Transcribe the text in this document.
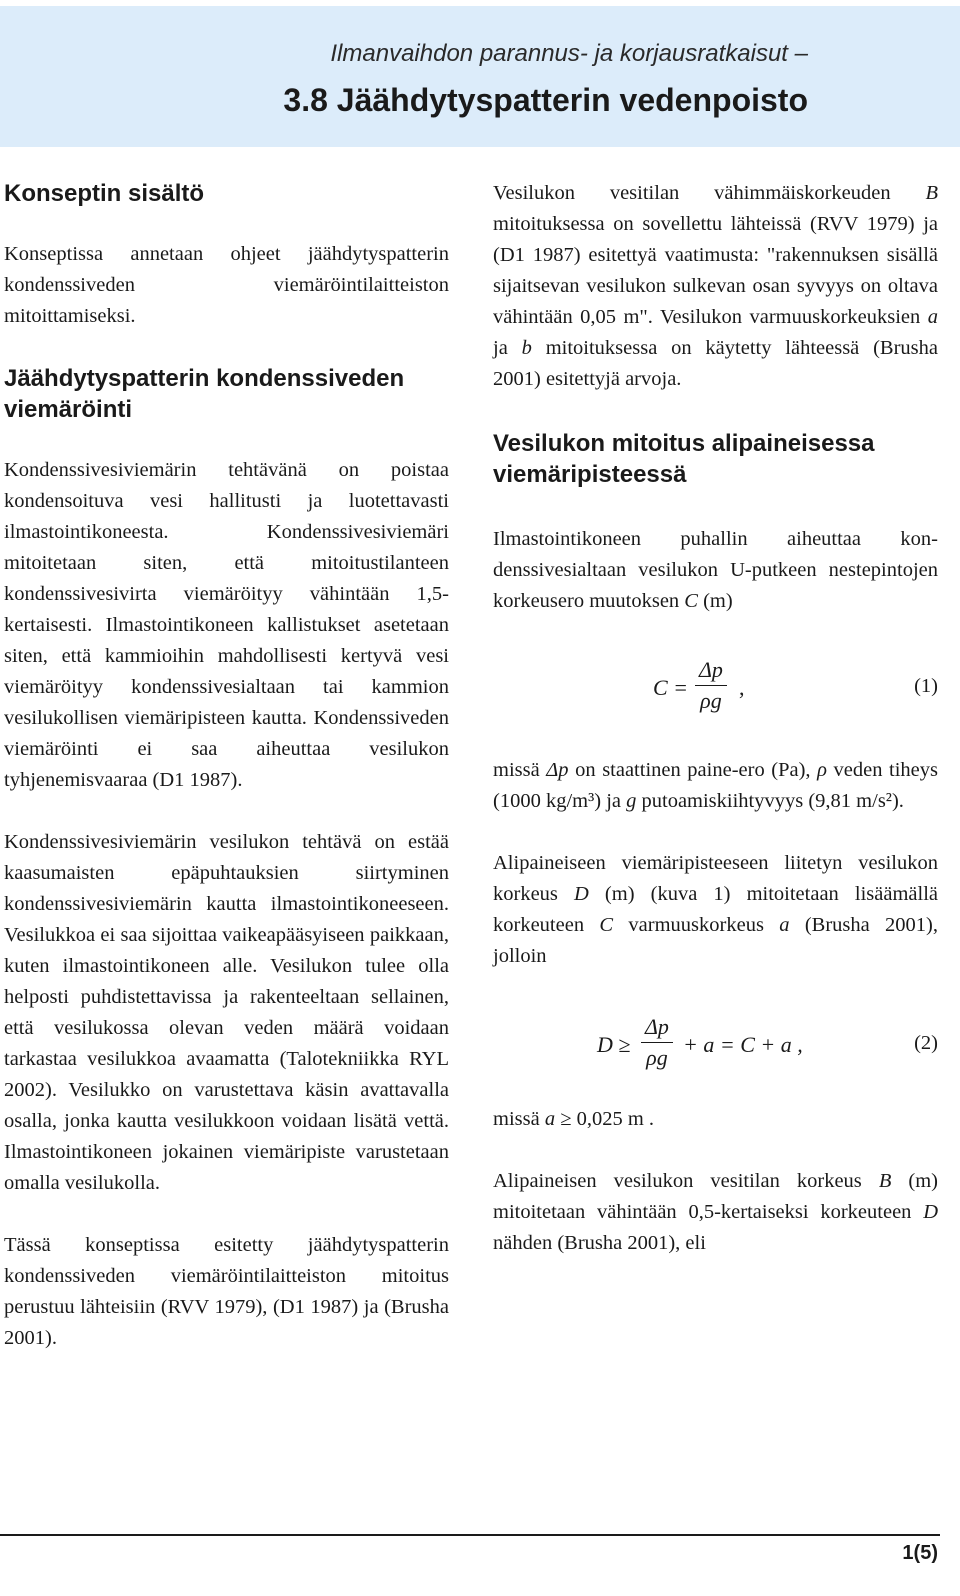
Ilmanvaihdon parannus- ja korjausratkaisut –
3.8 Jäähdytyspatterin vedenpoisto
Konseptin sisältö

Konseptissa annetaan ohjeet jäähdytyspatterin kondenssiveden viemäröintilaitteiston mitoittamiseksi.

Jäähdytyspatterin kondenssiveden viemäröinti

Kondenssivesiviemärin tehtävänä on poistaa kondensoituva vesi hallitusti ja luotettavasti ilmastointikoneesta. Kondenssivesiviemäri mitoitetaan siten, että mitoitustilanteen kondenssivesivirta viemäröityy vähintään 1,5-kertaisesti. Ilmastointikoneen kallistukset asetetaan siten, että kammioihin mahdollisesti kertyvä vesi viemäröityy kondenssivesialtaan tai kammion vesilukollisen viemäripisteen kautta. Kondenssiveden viemäröinti ei saa aiheuttaa vesilukon tyhjenemisvaaraa (D1 1987).

Kondenssivesiviemärin vesilukon tehtävä on estää kaasumaisten epäpuhtauksien siirtyminen kondenssivesiviemärin kautta ilmastointikoneeseen. Vesilukkoa ei saa sijoittaa vaikeapääsyiseen paikkaan, kuten ilmastointikoneen alle. Vesilukon tulee olla helposti puhdistettavissa ja rakenteeltaan sellainen, että vesilukossa olevan veden määrä voidaan tarkastaa vesilukkoa avaamatta (Talotekniikka RYL 2002). Vesilukko on varustettava käsin avattavalla osalla, jonka kautta vesilukkoon voidaan lisätä vettä. Ilmastointikoneen jokainen viemäripiste varustetaan omalla vesilukolla.

Tässä konseptissa esitetty jäähdytyspatterin kondenssiveden viemäröintilaitteiston mitoitus perustuu lähteisiin (RVV 1979), (D1 1987) ja (Brusha 2001).

Vesilukon vesitilan vähimmäiskorkeuden B mitoituksessa on sovellettu lähteissä (RVV 1979) ja (D1 1987) esitettyä vaatimusta: "rakennuksen sisällä sijaitsevan vesilukon sulkevan osan syvyys on oltava vähintään 0,05 m". Vesilukon varmuuskorkeuksien a ja b mitoituksessa on käytetty lähteessä (Brusha 2001) esitettyjä arvoja.

Vesilukon mitoitus alipaineisessa viemäripisteessä

Ilmastointikoneen puhallin aiheuttaa kondenssivesialtaan vesilukon U-putkeen nestepintojen korkeusero muutoksen C (m)

$C = \frac{\Delta p}{\rho g}$ ,	(1)

missä Δp on staattinen paine-ero (Pa), ρ veden tiheys (1000 kg/m³) ja g putoamiskiihtyvyys (9,81 m/s²).

Alipaineiseen viemäripisteeseen liitetyn vesilukon korkeus D (m) (kuva 1) mitoitetaan lisäämällä korkeuteen C varmuuskorkeus a (Brusha 2001), jolloin

$D \ge \frac{\Delta p}{\rho g} + a = C + a$ ,	(2)

missä a ≥ 0,025 m .

Alipaineisen vesilukon vesitilan korkeus B (m) mitoitetaan vähintään 0,5-kertaiseksi korkeuteen D nähden (Brusha 2001), eli

1(5)
